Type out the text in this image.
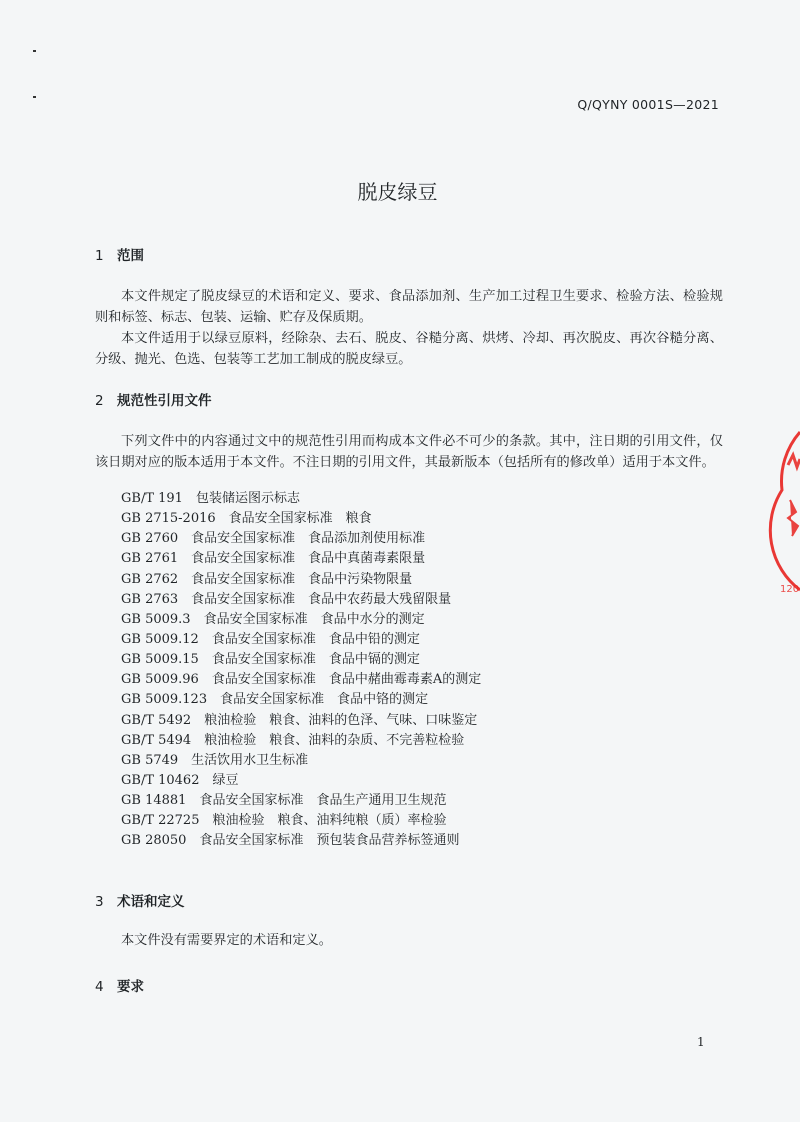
Q/QYNY 0001S—2021
脱皮绿豆
1 范围
本文件规定了脱皮绿豆的术语和定义、要求、食品添加剂、生产加工过程卫生要求、检验方法、检验规则和标签、标志、包装、运输、贮存及保质期。
本文件适用于以绿豆原料，经除杂、去石、脱皮、谷糙分离、烘烤、冷却、再次脱皮、再次谷糙分离、分级、抛光、色选、包装等工艺加工制成的脱皮绿豆。
2 规范性引用文件
下列文件中的内容通过文中的规范性引用而构成本文件必不可少的条款。其中，注日期的引用文件，仅该日期对应的版本适用于本文件。不注日期的引用文件，其最新版本（包括所有的修改单）适用于本文件。
GB/T 191  包装储运图示标志
GB 2715-2016  食品安全国家标准　粮食
GB 2760  食品安全国家标准　食品添加剂使用标准
GB 2761  食品安全国家标准　食品中真菌毒素限量
GB 2762  食品安全国家标准　食品中污染物限量
GB 2763  食品安全国家标准　食品中农药最大残留限量
GB 5009.3  食品安全国家标准　食品中水分的测定
GB 5009.12  食品安全国家标准　食品中铅的测定
GB 5009.15  食品安全国家标准　食品中镉的测定
GB 5009.96  食品安全国家标准　食品中赭曲霉毒素A的测定
GB 5009.123  食品安全国家标准　食品中铬的测定
GB/T 5492  粮油检验　粮食、油料的色泽、气味、口味鉴定
GB/T 5494  粮油检验　粮食、油料的杂质、不完善粒检验
GB 5749  生活饮用水卫生标准
GB/T 10462  绿豆
GB 14881  食品安全国家标准　食品生产通用卫生规范
GB/T 22725  粮油检验　粮食、油料纯粮（质）率检验
GB 28050  食品安全国家标准　预包装食品营养标签通则
3 术语和定义
本文件没有需要界定的术语和定义。
4 要求
1
120
